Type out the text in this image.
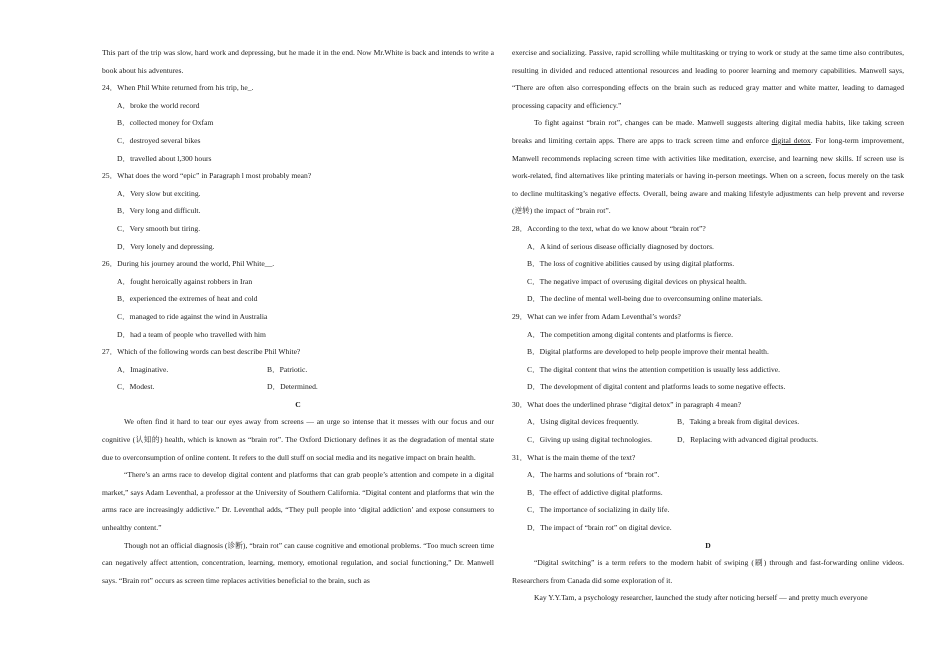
This part of the trip was slow, hard work and depressing, but he made it in the end. Now Mr.White is back and intends to write a book about his adventures.

24．When Phil White returned from his trip, he_.

A．broke the world record

B．collected money for Oxfam

C．destroyed several bikes

D．travelled about l,300 hours

25．What does the word “epic” in Paragraph l most probably mean?

A．Very slow but exciting.

B．Very long and difficult.

C．Very smooth but tiring.

D．Very lonely and depressing.

26．During his journey around the world, Phil White__.

A．fought heroically against robbers in Iran

B．experienced the extremes of heat and cold

C．managed to ride against the wind in Australia

D．had a team of people who travelled with him

27．Which of the following words can best describe Phil White?

A．Imaginative.	B．Patriotic.
C．Modest.	D．Determined.

C

We often find it hard to tear our eyes away from screens — an urge so intense that it messes with our focus and our cognitive (认知的) health, which is known as “brain rot”. The Oxford Dictionary defines it as the degradation of mental state due to overconsumption of online content. It refers to the dull stuff on social media and its negative impact on brain health.

“There’s an arms race to develop digital content and platforms that can grab people’s attention and compete in a digital market,” says Adam Leventhal, a professor at the University of Southern California. “Digital content and platforms that win the arms race are increasingly addictive.” Dr. Leventhal adds, “They pull people into ‘digital addiction’ and expose consumers to unhealthy content.”

Though not an official diagnosis (诊断), “brain rot” can cause cognitive and emotional problems. “Too much screen time can negatively affect attention, concentration, learning, memory, emotional regulation, and social functioning,” Dr. Manwell says. “Brain rot” occurs as screen time replaces activities beneficial to the brain, such as

exercise and socializing. Passive, rapid scrolling while multitasking or trying to work or study at the same time also contributes, resulting in divided and reduced attentional resources and leading to poorer learning and memory capabilities. Manwell says, “There are often also corresponding effects on the brain such as reduced gray matter and white matter, leading to damaged processing capacity and efficiency.”

To fight against “brain rot”, changes can be made. Manwell suggests altering digital media habits, like taking screen breaks and limiting certain apps. There are apps to track screen time and enforce digital detox. For long-term improvement, Manwell recommends replacing screen time with activities like meditation, exercise, and learning new skills. If screen use is work-related, find alternatives like printing materials or having in-person meetings. When on a screen, focus merely on the task to decline multitasking’s negative effects. Overall, being aware and making lifestyle adjustments can help prevent and reverse (逆转) the impact of “brain rot”.

28．According to the text, what do we know about “brain rot”?

A．A kind of serious disease officially diagnosed by doctors.

B．The loss of cognitive abilities caused by using digital platforms.

C．The negative impact of overusing digital devices on physical health.

D．The decline of mental well-being due to overconsuming online materials.

29．What can we infer from Adam Leventhal’s words?

A．The competition among digital contents and platforms is fierce.

B．Digital platforms are developed to help people improve their mental health.

C．The digital content that wins the attention competition is usually less addictive.

D．The development of digital content and platforms leads to some negative effects.

30．What does the underlined phrase “digital detox” in paragraph 4 mean?

A．Using digital devices frequently.	B．Taking a break from digital devices.
C．Giving up using digital technologies.	D．Replacing with advanced digital products.

31．What is the main theme of the text?

A．The harms and solutions of “brain rot”.

B．The effect of addictive digital platforms.

C．The importance of socializing in daily life.

D．The impact of “brain rot” on digital device.

D

“Digital switching” is a term refers to the modern habit of swiping (刷) through and fast-forwarding online videos. Researchers from Canada did some exploration of it.

Kay Y.Y.Tam, a psychology researcher, launched the study after noticing herself — and pretty much everyone
